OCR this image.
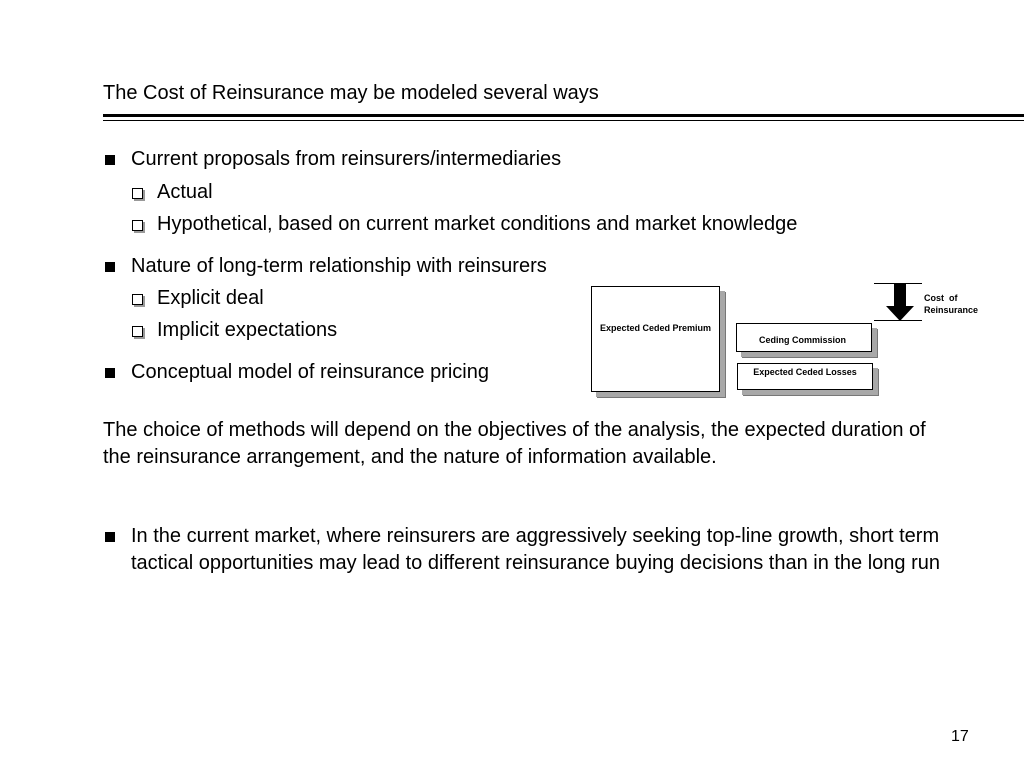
The Cost of Reinsurance may be modeled several ways
Current proposals from reinsurers/intermediaries
Actual
Hypothetical, based on current market conditions and market knowledge
Nature of long-term relationship with reinsurers
Explicit deal
Implicit expectations
Conceptual model of reinsurance pricing
Expected Ceded Premium
Ceding Commission
Expected Ceded Losses
Cost  of
Reinsurance
The choice of methods will depend on the objectives of the analysis, the expected duration of the reinsurance arrangement, and the nature of information available.
In the current market, where reinsurers are aggressively seeking top-line growth, short term tactical opportunities may lead to different reinsurance buying decisions than in the long run
17
